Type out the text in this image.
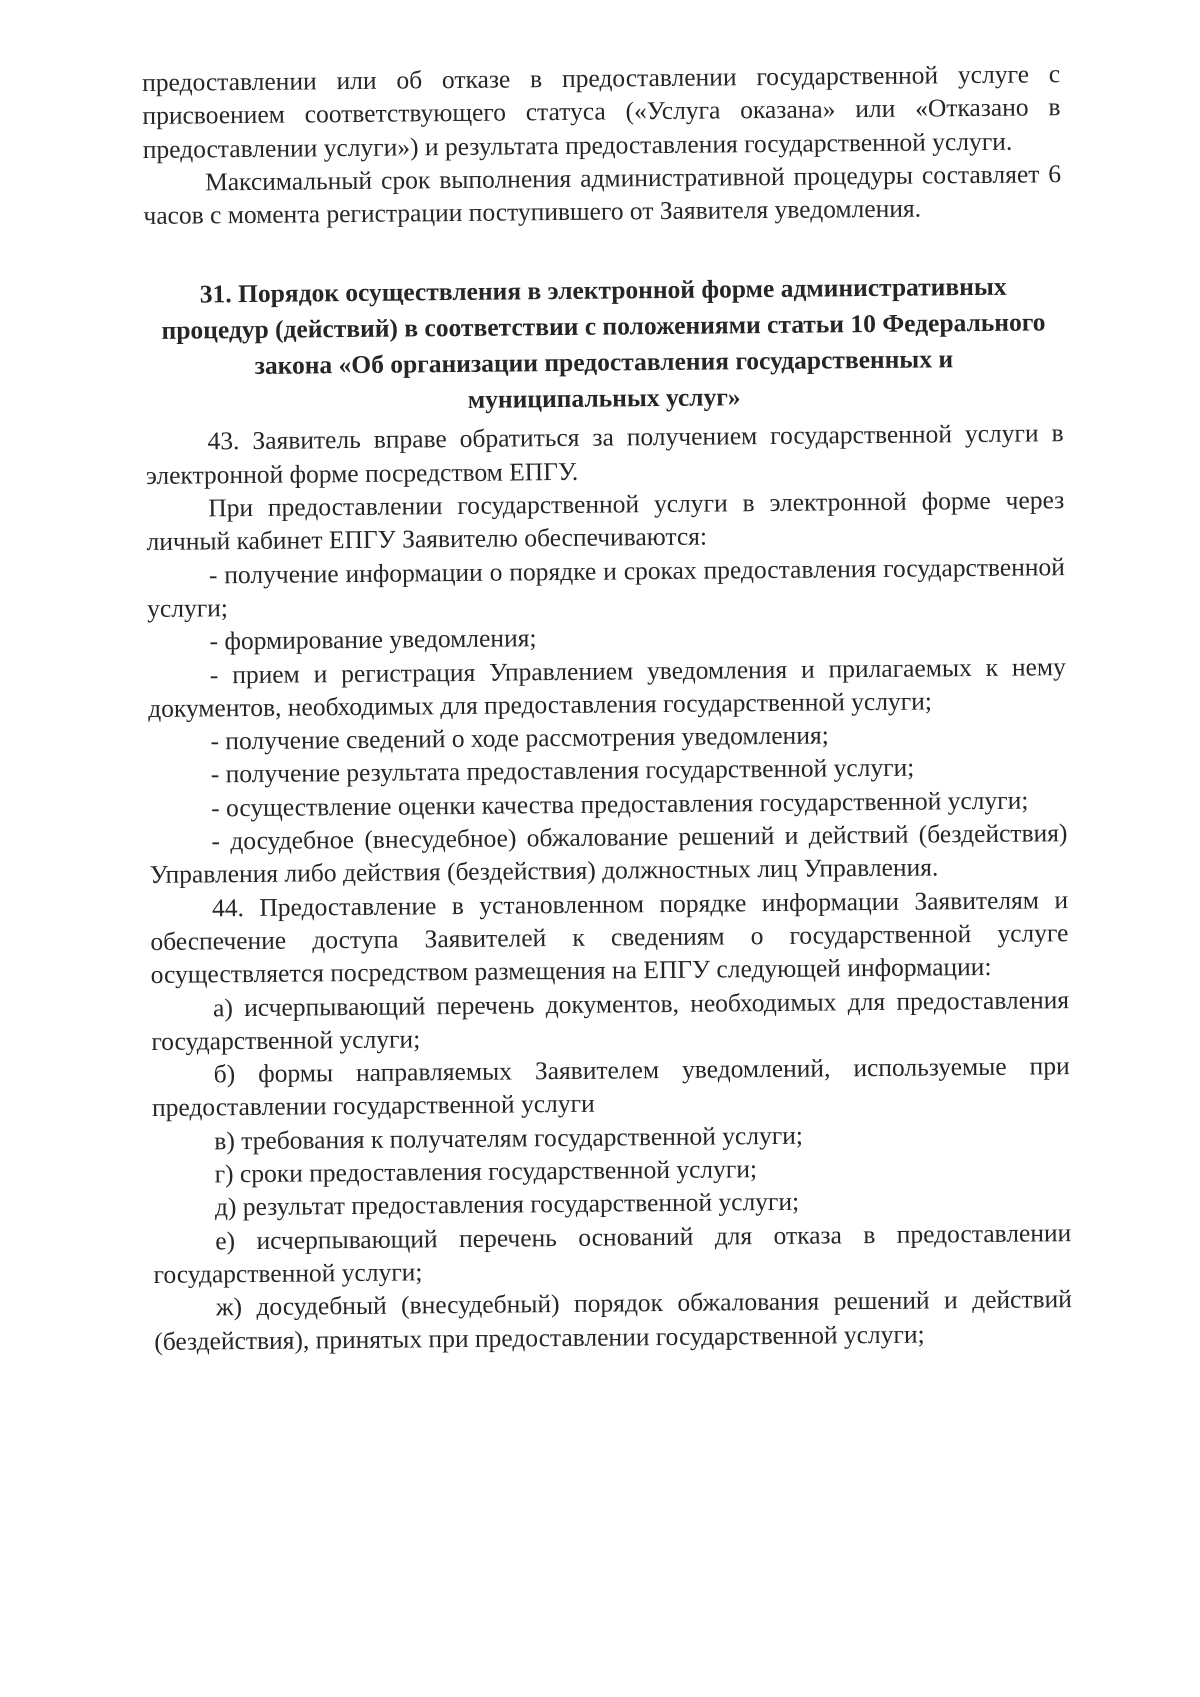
предоставлении или об отказе в предоставлении государственной услуге с

присвоением соответствующего статуса («Услуга оказана» или «Отказано в

предоставлении услуги») и результата предоставления государственной услуги.

Максимальный срок выполнения административной процедуры составляет 6 часов с момента регистрации поступившего от Заявителя уведомления.

31. Порядок осуществления в электронной форме административных
процедур (действий) в соответствии с положениями статьи 10 Федерального
закона «Об организации предоставления государственных и
муниципальных услуг»

43. Заявитель вправе обратиться за получением государственной услуги в электронной форме посредством ЕПГУ.

При предоставлении государственной услуги в электронной форме через личный кабинет ЕПГУ Заявителю обеспечиваются:

- получение информации о порядке и сроках предоставления государственной услуги;

- формирование уведомления;

- прием и регистрация Управлением уведомления и прилагаемых к нему документов, необходимых для предоставления государственной услуги;

- получение сведений о ходе рассмотрения уведомления;

- получение результата предоставления государственной услуги;

- осуществление оценки качества предоставления государственной услуги;

- досудебное (внесудебное) обжалование решений и действий (бездействия) Управления либо действия (бездействия) должностных лиц Управления.

44. Предоставление в установленном порядке информации Заявителям и обеспечение доступа Заявителей к сведениям о государственной услуге осуществляется посредством размещения на ЕПГУ следующей информации:

а) исчерпывающий перечень документов, необходимых для предоставления государственной услуги;

б) формы направляемых Заявителем уведомлений, используемые при предоставлении государственной услуги

в) требования к получателям государственной услуги;

г) сроки предоставления государственной услуги;

д) результат предоставления государственной услуги;

е) исчерпывающий перечень оснований для отказа в предоставлении государственной услуги;

ж) досудебный (внесудебный) порядок обжалования решений и действий (бездействия), принятых при предоставлении государственной услуги;
